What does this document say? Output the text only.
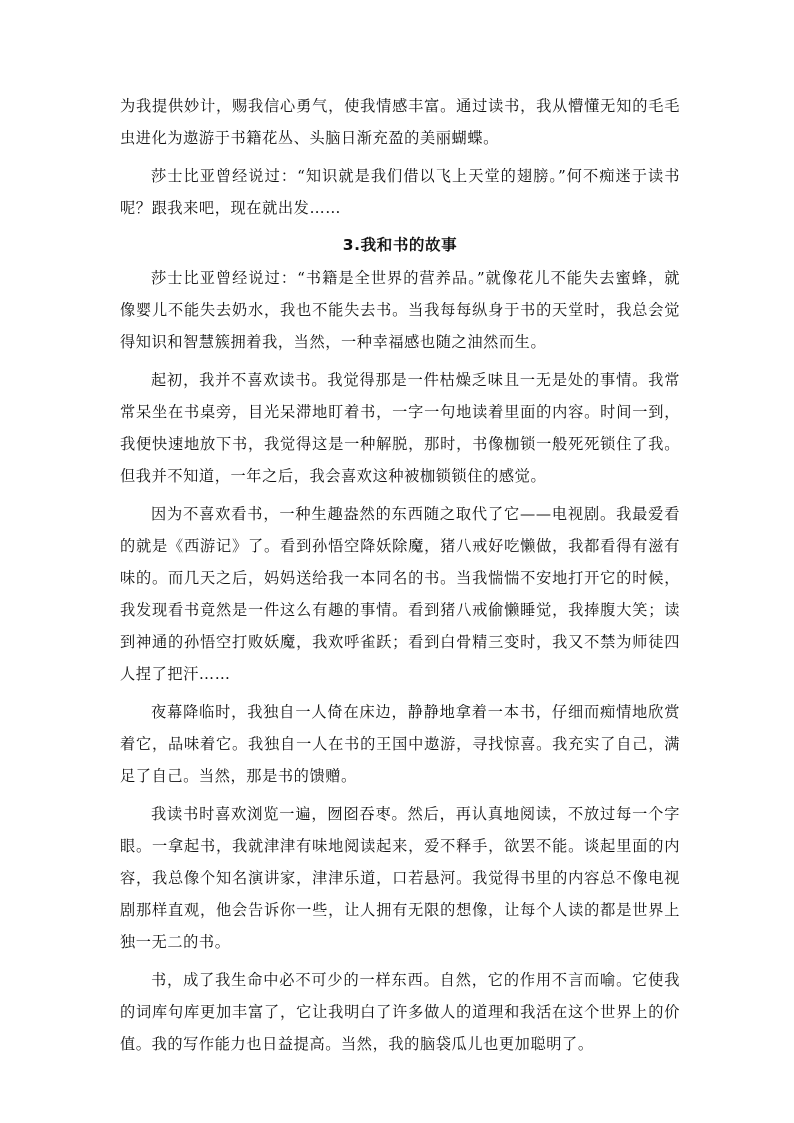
为我提供妙计，赐我信心勇气，使我情感丰富。通过读书，我从懵懂无知的毛毛虫进化为遨游于书籍花丛、头脑日渐充盈的美丽蝴蝶。

莎士比亚曾经说过：“知识就是我们借以飞上天堂的翅膀。”何不痴迷于读书呢？跟我来吧，现在就出发……

3.我和书的故事

莎士比亚曾经说过：“书籍是全世界的营养品。”就像花儿不能失去蜜蜂，就像婴儿不能失去奶水，我也不能失去书。当我每每纵身于书的天堂时，我总会觉得知识和智慧簇拥着我，当然，一种幸福感也随之油然而生。

起初，我并不喜欢读书。我觉得那是一件枯燥乏味且一无是处的事情。我常常呆坐在书桌旁，目光呆滞地盯着书，一字一句地读着里面的内容。时间一到，我便快速地放下书，我觉得这是一种解脱，那时，书像枷锁一般死死锁住了我。但我并不知道，一年之后，我会喜欢这种被枷锁锁住的感觉。

因为不喜欢看书，一种生趣盎然的东西随之取代了它——电视剧。我最爱看的就是《西游记》了。看到孙悟空降妖除魔，猪八戒好吃懒做，我都看得有滋有味的。而几天之后，妈妈送给我一本同名的书。当我惴惴不安地打开它的时候，我发现看书竟然是一件这么有趣的事情。看到猪八戒偷懒睡觉，我捧腹大笑；读到神通的孙悟空打败妖魔，我欢呼雀跃；看到白骨精三变时，我又不禁为师徒四人捏了把汗……

夜幕降临时，我独自一人倚在床边，静静地拿着一本书，仔细而痴情地欣赏着它，品味着它。我独自一人在书的王国中遨游，寻找惊喜。我充实了自己，满足了自己。当然，那是书的馈赠。

我读书时喜欢浏览一遍，囫囵吞枣。然后，再认真地阅读，不放过每一个字眼。一拿起书，我就津津有味地阅读起来，爱不释手，欲罢不能。谈起里面的内容，我总像个知名演讲家，津津乐道，口若悬河。我觉得书里的内容总不像电视剧那样直观，他会告诉你一些，让人拥有无限的想像，让每个人读的都是世界上独一无二的书。

书，成了我生命中必不可少的一样东西。自然，它的作用不言而喻。它使我的词库句库更加丰富了，它让我明白了许多做人的道理和我活在这个世界上的价值。我的写作能力也日益提高。当然，我的脑袋瓜儿也更加聪明了。
